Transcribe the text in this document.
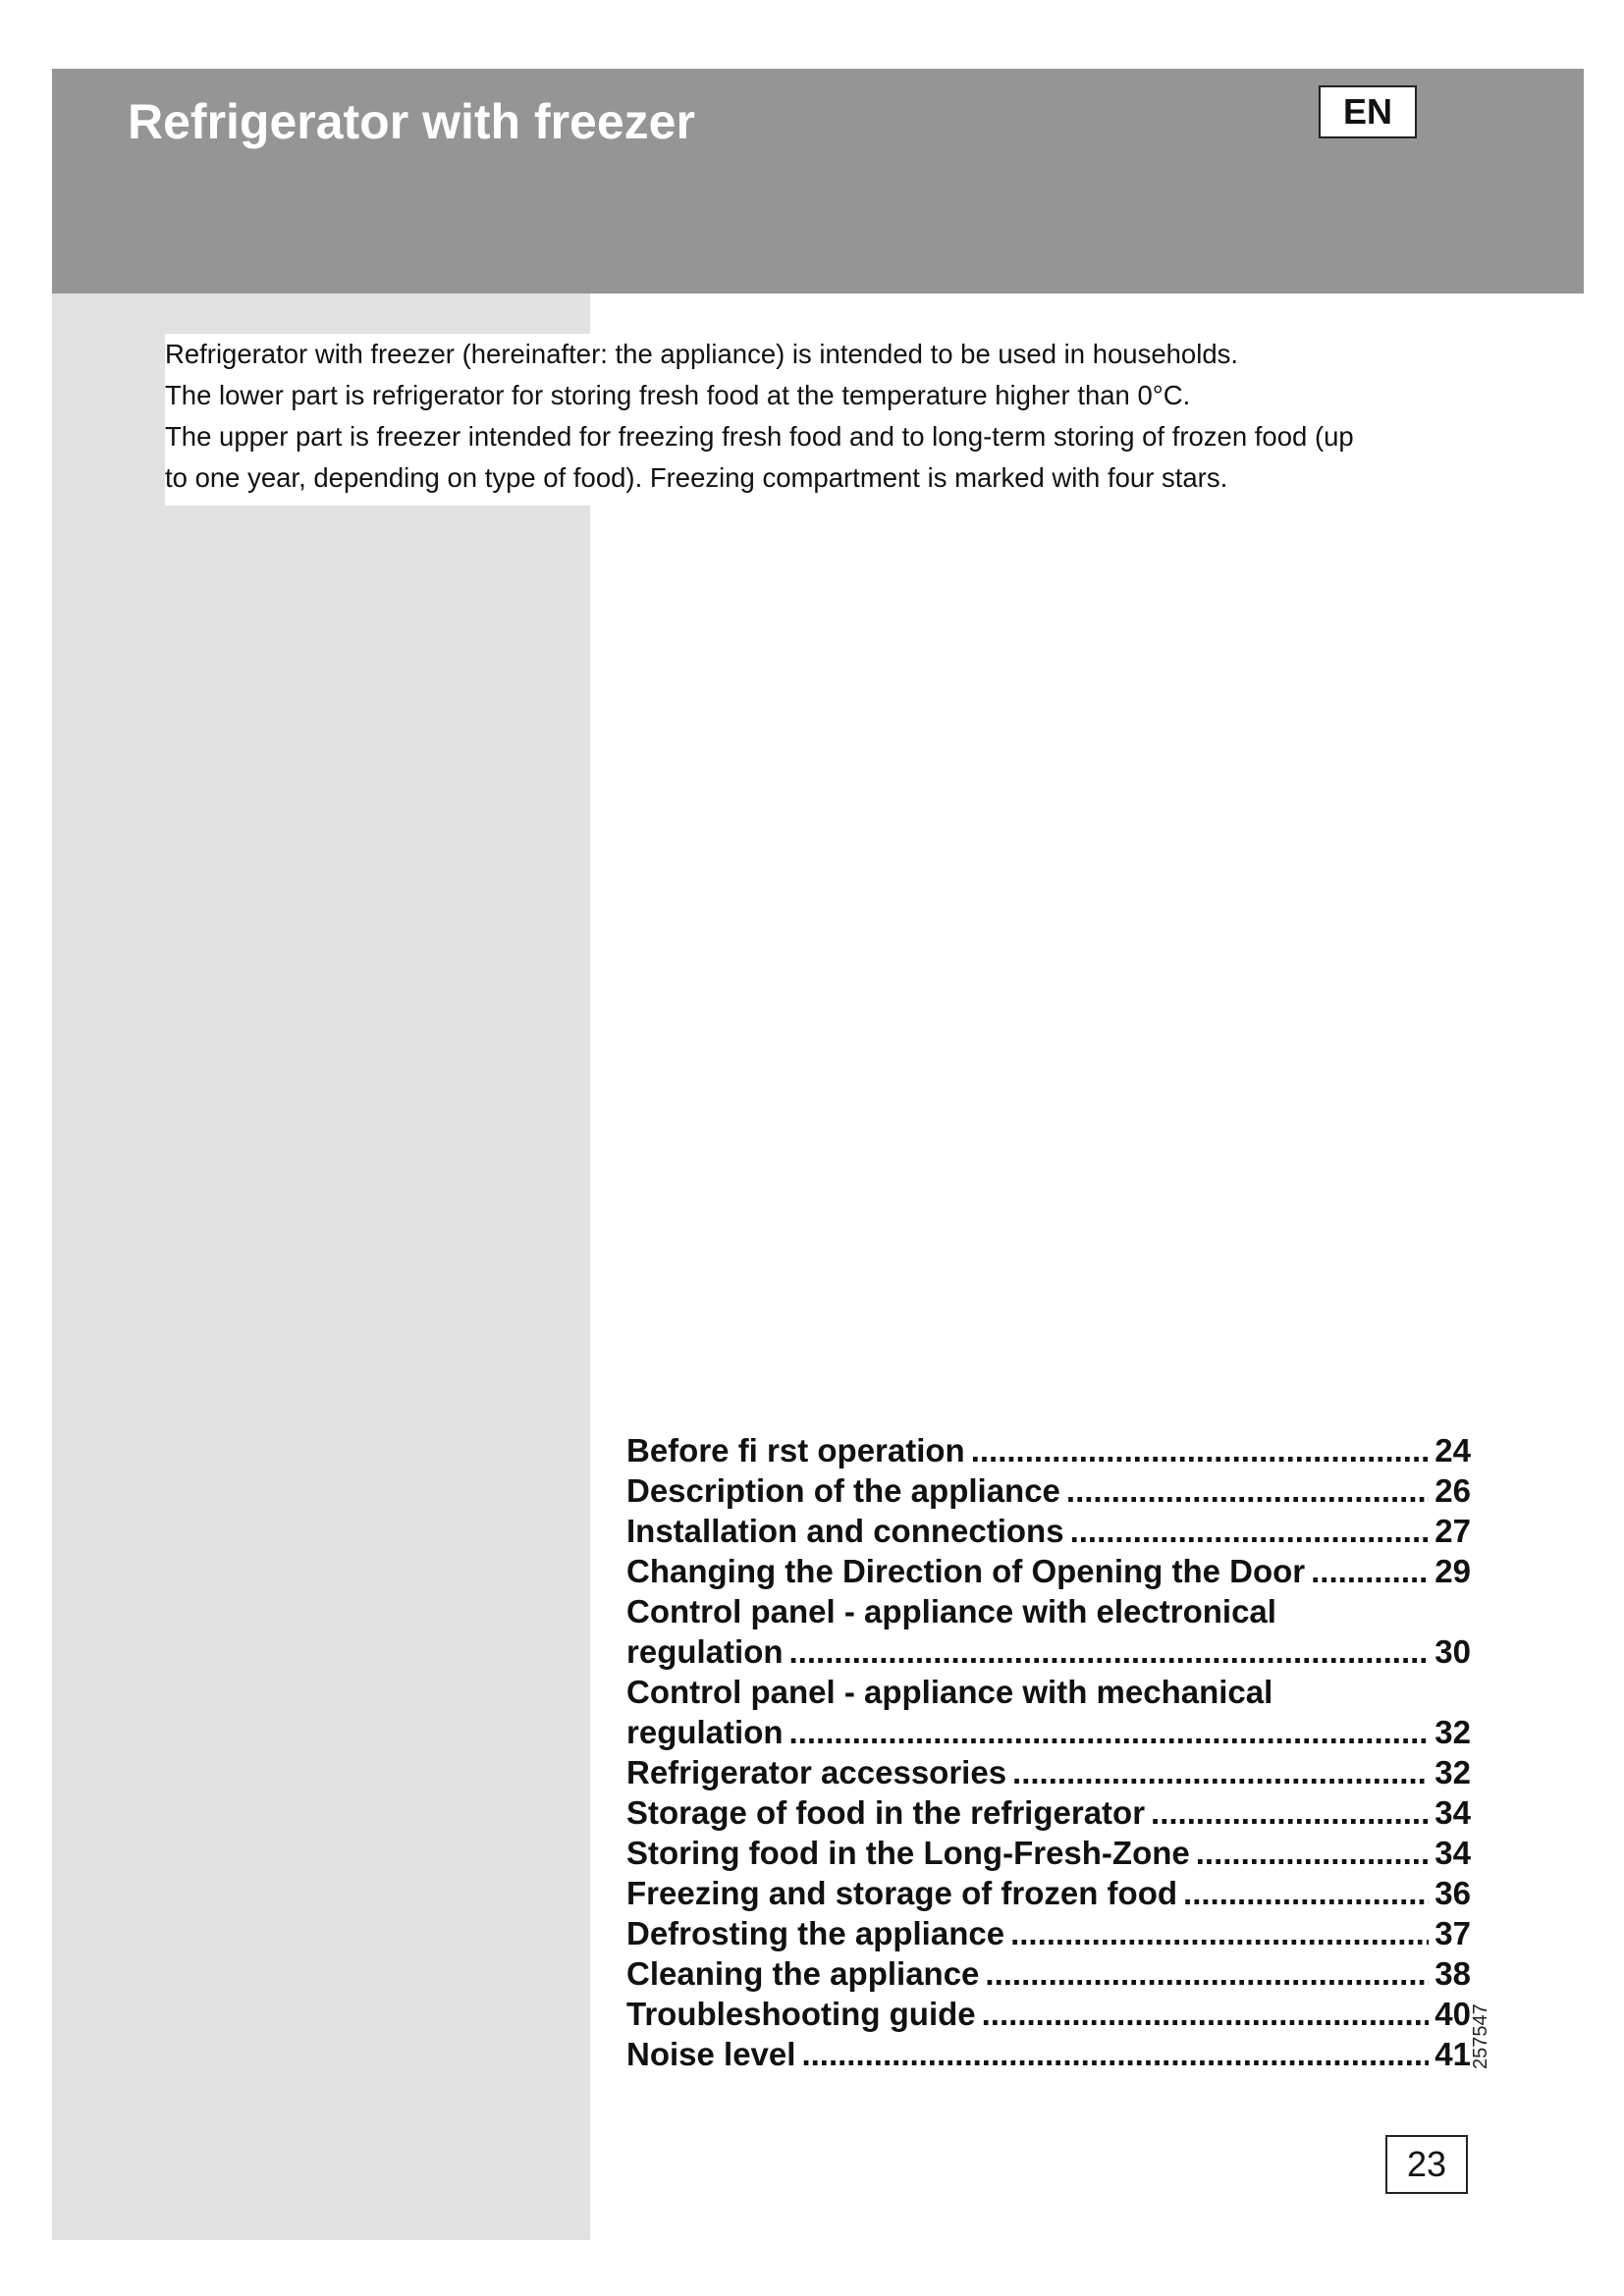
Refrigerator with freezer	EN

Refrigerator with freezer (hereinafter: the appliance) is intended to be used in households.

The lower part is refrigerator for storing fresh food at the temperature higher than 0°C.

The upper part is freezer intended for freezing fresh food and to long-term storing of frozen food (up

to one year, depending on type of food). Freezing compartment is marked with four stars.

Before fi rst operation .....	24
Description of the appliance .....	26
Installation and connections .....	27
Changing the Direction of Opening the Door .....	29
Control panel - appliance with electronical
regulation .....	30
Control panel - appliance with mechanical
regulation .....	32
Refrigerator accessories .....	32
Storage of food in the refrigerator .....	34
Storing food in the Long-Fresh-Zone .....	34
Freezing and storage of frozen food .....	36
Defrosting the appliance .....	37
Cleaning the appliance .....	38
Troubleshooting guide .....	40
Noise level .....	41 257547
23
